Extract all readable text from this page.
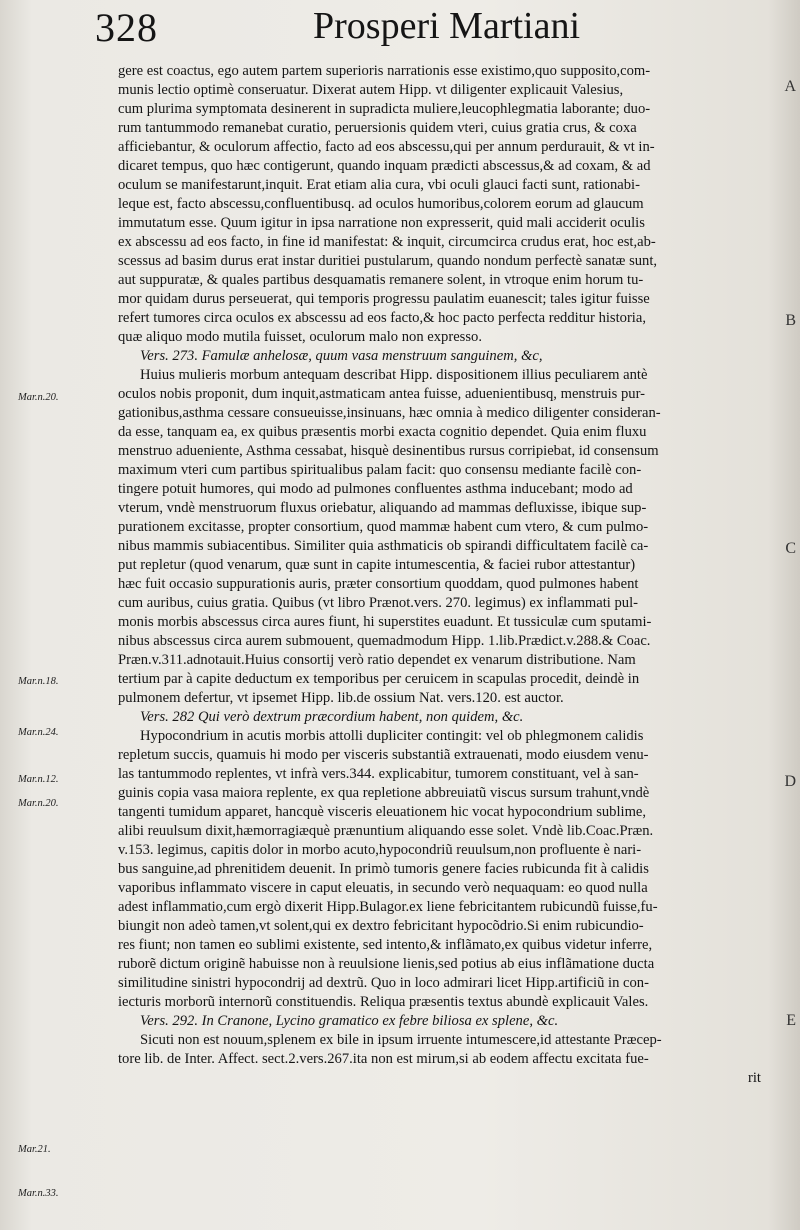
328	Prosperi Martiani
A
B
C
D
E
Mar.n.20.
Mar.n.18.
Mar.n.24.
Mar.n.12.
Mar.n.20.
Mar.21.
Mar.n.33.
gere est coactus, ego autem partem superioris narrationis esse existimo,quo supposito,com-
munis lectio optimè conseruatur. Dixerat autem Hipp. vt diligenter explicauit Valesius,
cum plurima symptomata desinerent in supradicta muliere,leucophlegmatia laborante; duo-
rum tantummodo remanebat curatio, peruersionis quidem vteri, cuius gratia crus, & coxa
afficiebantur, & oculorum affectio, facto ad eos abscessu,qui per annum perdurauit, & vt in-
dicaret tempus, quo hæc contigerunt, quando inquam prædicti abscessus,& ad coxam, & ad
oculum se manifestarunt,inquit. Erat etiam alia cura, vbi oculi glauci facti sunt, rationabi-
leque est, facto abscessu,confluentibusq. ad oculos humoribus,colorem eorum ad glaucum
immutatum esse. Quum igitur in ipsa narratione non expresserit, quid mali acciderit oculis
ex abscessu ad eos facto, in fine id manifestat: & inquit, circumcirca crudus erat, hoc est,ab-
scessus ad basim durus erat instar duritiei pustularum, quando nondum perfectè sanatæ sunt,
aut suppuratæ, & quales partibus desquamatis remanere solent, in vtroque enim horum tu-
mor quidam durus perseuerat, qui temporis progressu paulatim euanescit; tales igitur fuisse
refert tumores circa oculos ex abscessu ad eos facto,& hoc pacto perfecta redditur historia,
quæ aliquo modo mutila fuisset, oculorum malo non expresso.
Vers. 273. Famulæ anhelosæ, quum vasa menstruum sanguinem, &c,
Huius mulieris morbum antequam describat Hipp. dispositionem illius peculiarem antè
oculos nobis proponit, dum inquit,astmaticam antea fuisse, aduenientibusq, menstruis pur-
gationibus,asthma cessare consueuisse,insinuans, hæc omnia à medico diligenter consideran-
da esse, tanquam ea, ex quibus præsentis morbi exacta cognitio dependet. Quia enim fluxu
menstruo adueniente, Asthma cessabat, hisquè desinentibus rursus corripiebat, id consensum
maximum vteri cum partibus spiritualibus palam facit: quo consensu mediante facilè con-
tingere potuit humores, qui modo ad pulmones confluentes asthma inducebant; modo ad
vterum, vndè menstruorum fluxus oriebatur, aliquando ad mammas defluxisse, ibique sup-
purationem excitasse, propter consortium, quod mammæ habent cum vtero, & cum pulmo-
nibus mammis subiacentibus. Similiter quia asthmaticis ob spirandi difficultatem facilè ca-
put repletur (quod venarum, quæ sunt in capite intumescentia, & faciei rubor attestantur)
hæc fuit occasio suppurationis auris, præter consortium quoddam, quod pulmones habent
cum auribus, cuius gratia. Quibus (vt libro Prænot.vers. 270. legimus) ex inflammati pul-
monis morbis abscessus circa aures fiunt, hi superstites euadunt. Et tussiculæ cum sputami-
nibus abscessus circa aurem submouent, quemadmodum Hipp. 1.lib.Prædict.v.288.& Coac.
Præn.v.311.adnotauit.Huius consortij verò ratio dependet ex venarum distributione. Nam
tertium par à capite deductum ex temporibus per ceruicem in scapulas procedit, deindè in
pulmonem defertur, vt ipsemet Hipp. lib.de ossium Nat. vers.120. est auctor.
Vers. 282 Qui verò dextrum præcordium habent, non quidem, &c.
Hypocondrium in acutis morbis attolli dupliciter contingit: vel ob phlegmonem calidis
repletum succis, quamuis hi modo per visceris substantiã extrauenati, modo eiusdem venu-
las tantummodo replentes, vt infrà vers.344. explicabitur, tumorem constituant, vel à san-
guinis copia vasa maiora replente, ex qua repletione abbreuiatũ viscus sursum trahunt,vndè
tangenti tumidum apparet, hancquè visceris eleuationem hic vocat hypocondrium sublime,
alibi reuulsum dixit,hæmorragiæquè prænuntium aliquando esse solet. Vndè lib.Coac.Præn.
v.153. legimus, capitis dolor in morbo acuto,hypocondriũ reuulsum,non profluente è nari-
bus sanguine,ad phrenitidem deuenit. In primò tumoris genere facies rubicunda fit à calidis
vaporibus inflammato viscere in caput eleuatis, in secundo verò nequaquam: eo quod nulla
adest inflammatio,cum ergò dixerit Hipp.Bulagor.ex liene febricitantem rubicundũ fuisse,fu-
biungit non adeò tamen,vt solent,qui ex dextro febricitant hypocõdrio.Si enim rubicundio-
res fiunt; non tamen eo sublimi existente, sed intento,& inflãmato,ex quibus videtur inferre,
ruborẽ dictum originẽ habuisse non à reuulsione lienis,sed potius ab eius inflãmatione ducta
similitudine sinistri hypocondrij ad dextrũ. Quo in loco admirari licet Hipp.artificiũ in con-
iecturis morborũ internorũ constituendis. Reliqua præsentis textus abundè explicauit Vales.
Vers. 292. In Cranone, Lycino gramatico ex febre biliosa ex splene, &c.
Sicuti non est nouum,splenem ex bile in ipsum irruente intumescere,id attestante Præcep-
tore lib. de Inter. Affect. sect.2.vers.267.ita non est mirum,si ab eodem affectu excitata fue-
rit
